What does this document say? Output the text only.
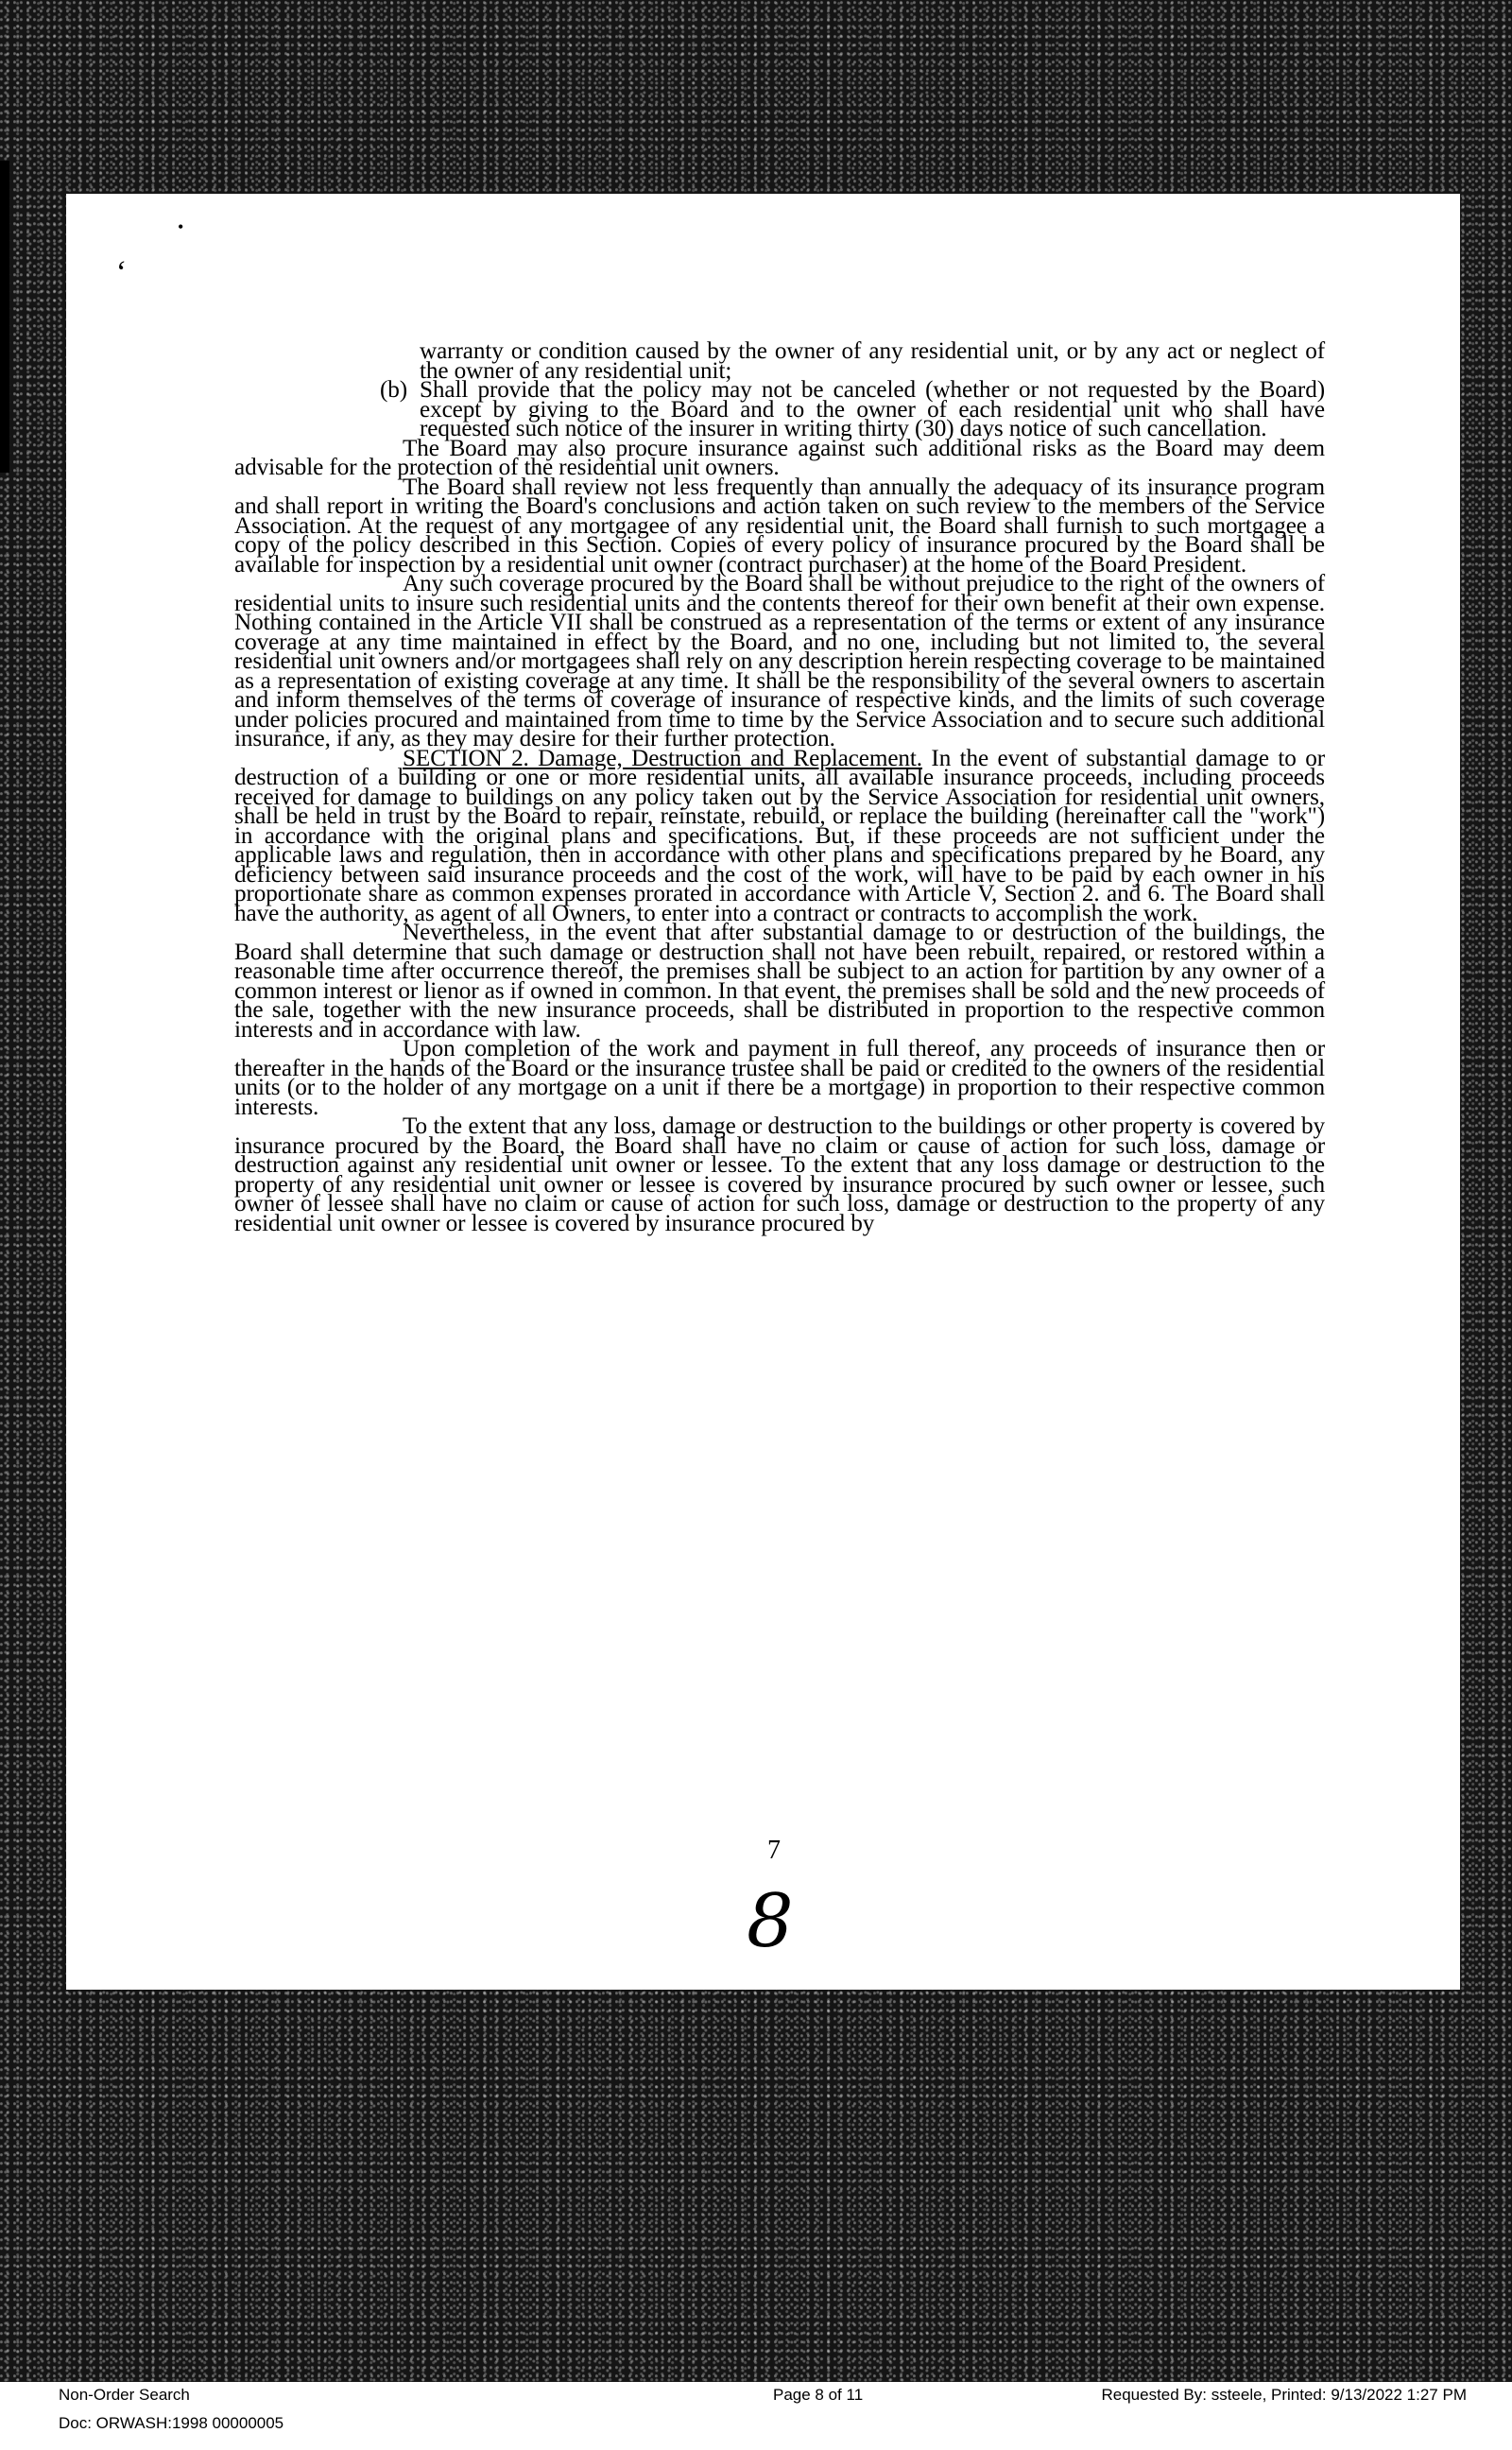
ʻ
•

warranty or condition caused by the owner of any residential unit, or by any act or neglect of the owner of any residential unit;

(b) Shall provide that the policy may not be canceled (whether or not requested by the Board) except by giving to the Board and to the owner of each residential unit who shall have requested such notice of the insurer in writing thirty (30) days notice of such cancellation.

The Board may also procure insurance against such additional risks as the Board may deem advisable for the protection of the residential unit owners.

The Board shall review not less frequently than annually the adequacy of its insurance program and shall report in writing the Board's conclusions and action taken on such review to the members of the Service Association. At the request of any mortgagee of any residential unit, the Board shall furnish to such mortgagee a copy of the policy described in this Section. Copies of every policy of insurance procured by the Board shall be available for inspection by a residential unit owner (contract purchaser) at the home of the Board President.

Any such coverage procured by the Board shall be without prejudice to the right of the owners of residential units to insure such residential units and the contents thereof for their own benefit at their own expense. Nothing contained in the Article VII shall be construed as a representation of the terms or extent of any insurance coverage at any time maintained in effect by the Board, and no one, including but not limited to, the several residential unit owners and/or mortgagees shall rely on any description herein respecting coverage to be maintained as a representation of existing coverage at any time. It shall be the responsibility of the several owners to ascertain and inform themselves of the terms of coverage of insurance of respective kinds, and the limits of such coverage under policies procured and maintained from time to time by the Service Association and to secure such additional insurance, if any, as they may desire for their further protection.

SECTION 2. Damage, Destruction and Replacement. In the event of substantial damage to or destruction of a building or one or more residential units, all available insurance proceeds, including proceeds received for damage to buildings on any policy taken out by the Service Association for residential unit owners, shall be held in trust by the Board to repair, reinstate, rebuild, or replace the building (hereinafter call the "work") in accordance with the original plans and specifications. But, if these proceeds are not sufficient under the applicable laws and regulation, then in accordance with other plans and specifications prepared by he Board, any deficiency between said insurance proceeds and the cost of the work, will have to be paid by each owner in his proportionate share as common expenses prorated in accordance with Article V, Section 2. and 6. The Board shall have the authority, as agent of all Owners, to enter into a contract or contracts to accomplish the work.

Nevertheless, in the event that after substantial damage to or destruction of the buildings, the Board shall determine that such damage or destruction shall not have been rebuilt, repaired, or restored within a reasonable time after occurrence thereof, the premises shall be subject to an action for partition by any owner of a common interest or lienor as if owned in common. In that event, the premises shall be sold and the new proceeds of the sale, together with the new insurance proceeds, shall be distributed in proportion to the respective common interests and in accordance with law.

Upon completion of the work and payment in full thereof, any proceeds of insurance then or thereafter in the hands of the Board or the insurance trustee shall be paid or credited to the owners of the residential units (or to the holder of any mortgage on a unit if there be a mortgage) in proportion to their respective common interests.

To the extent that any loss, damage or destruction to the buildings or other property is covered by insurance procured by the Board, the Board shall have no claim or cause of action for such loss, damage or destruction against any residential unit owner or lessee. To the extent that any loss damage or destruction to the property of any residential unit owner or lessee is covered by insurance procured by such owner or lessee, such owner of lessee shall have no claim or cause of action for such loss, damage or destruction to the property of any residential unit owner or lessee is covered by insurance procured by

7
8
Non-Order Search
Doc: ORWASH:1998 00000005
Page 8 of 11	Requested By: ssteele, Printed: 9/13/2022 1:27 PM
